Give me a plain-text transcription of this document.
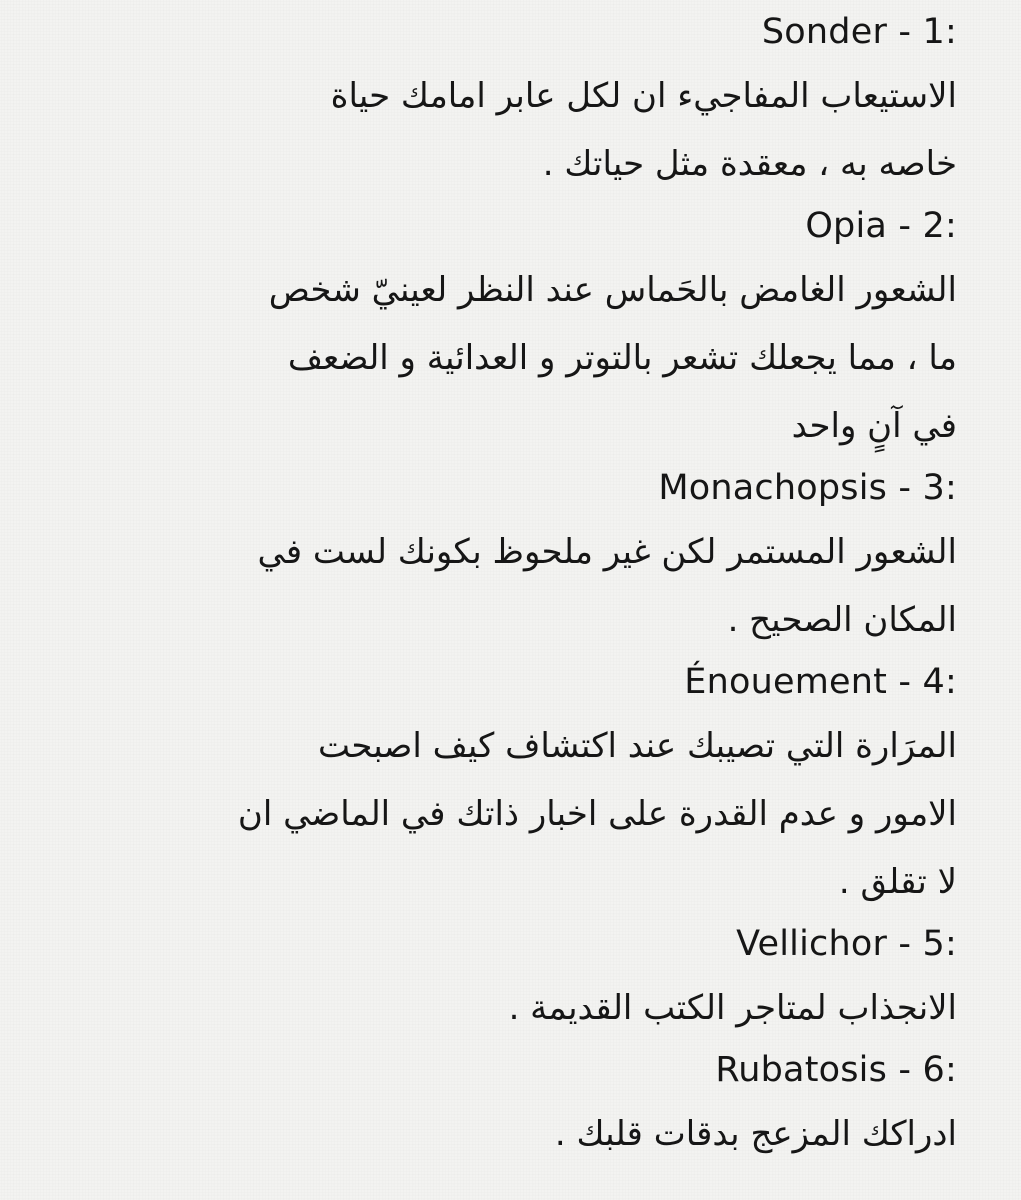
:Sonder - 1

الاستيعاب المفاجيء ان لكل عابر امامك حياة
خاصه به ، معقدة مثل حياتك .

:Opia - 2

الشعور الغامض بالحَماس عند النظر لعينيّ شخص
ما ، مما يجعلك تشعر بالتوتر و العدائية و الضعف
في آنٍ واحد

:Monachopsis - 3

الشعور المستمر لكن غير ملحوظ بكونك لست في
المكان الصحيح .

:Énouement - 4

المرَارة التي تصيبك عند اكتشاف كيف اصبحت
الامور و عدم القدرة على اخبار ذاتك في الماضي ان
لا تقلق .

:Vellichor - 5

الانجذاب لمتاجر الكتب القديمة .

:Rubatosis - 6

ادراكك المزعج بدقات قلبك .
